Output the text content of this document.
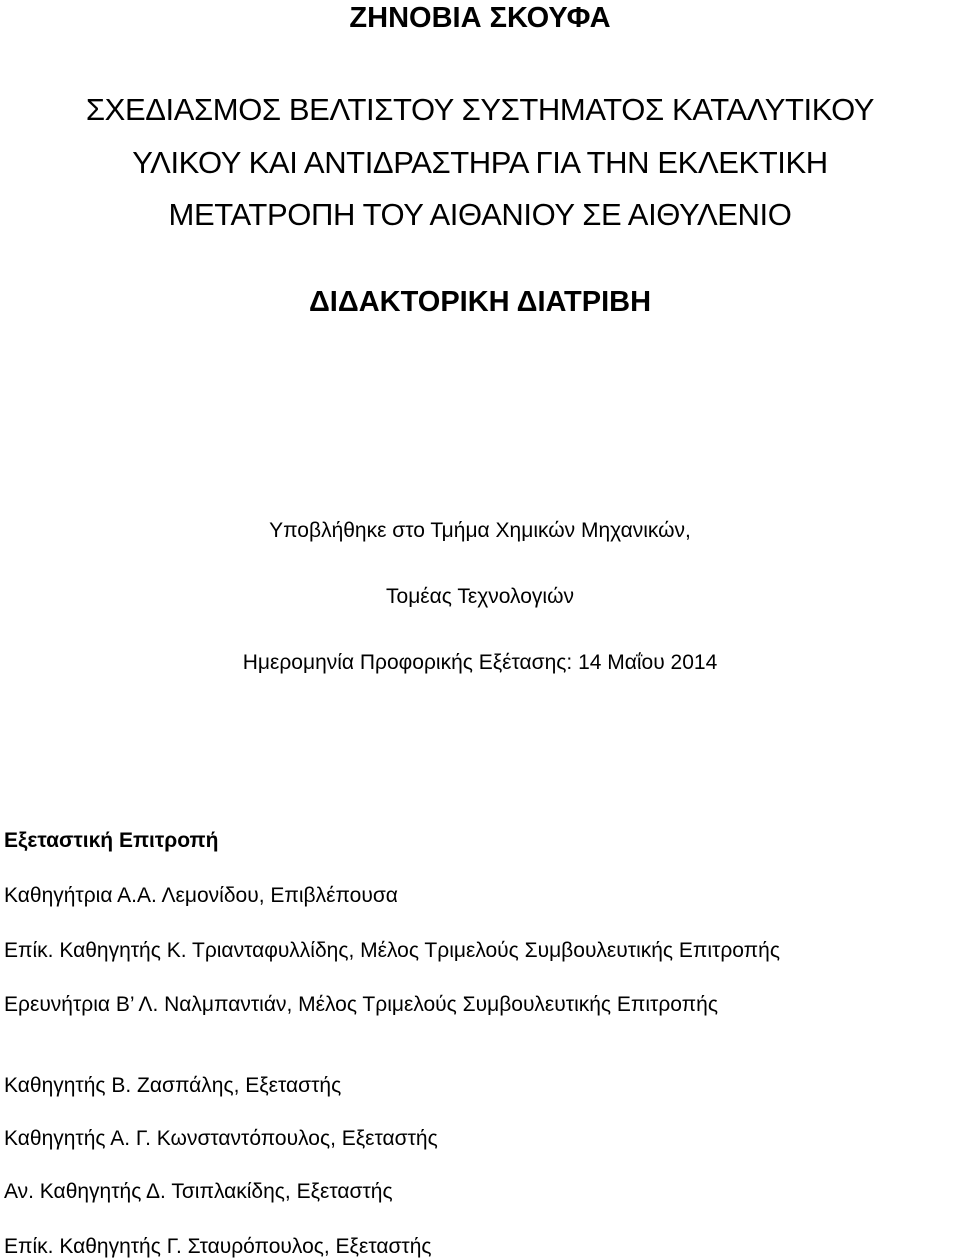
ΖΗΝΟΒΙΑ ΣΚΟΥΦΑ
ΣΧΕΔΙΑΣΜΟΣ ΒΕΛΤΙΣΤΟΥ ΣΥΣΤΗΜΑΤΟΣ ΚΑΤΑΛΥΤΙΚΟΥ
ΥΛΙΚΟΥ ΚΑΙ ΑΝΤΙΔΡΑΣΤΗΡΑ ΓΙΑ ΤΗΝ ΕΚΛΕΚΤΙΚΗ
ΜΕΤΑΤΡΟΠΗ ΤΟΥ ΑΙΘΑΝΙΟΥ ΣΕ ΑΙΘΥΛΕΝΙΟ
ΔΙΔΑΚΤΟΡΙΚΗ ΔΙΑΤΡΙΒΗ
Υποβλήθηκε στο Τμήμα Χημικών Μηχανικών,
Τομέας Τεχνολογιών
Ημερομηνία Προφορικής Εξέτασης: 14 Μαΐου 2014
Εξεταστική Επιτροπή
Καθηγήτρια Α.Α. Λεμονίδου, Επιβλέπουσα
Επίκ. Καθηγητής Κ. Τριανταφυλλίδης, Μέλος Τριμελούς Συμβουλευτικής Επιτροπής
Ερευνήτρια Β’ Λ. Ναλμπαντιάν, Μέλος Τριμελούς Συμβουλευτικής Επιτροπής
Καθηγητής Β. Ζασπάλης, Εξεταστής
Καθηγητής Α. Γ. Κωνσταντόπουλος, Εξεταστής
Αν. Καθηγητής Δ. Τσιπλακίδης, Εξεταστής
Επίκ. Καθηγητής Γ. Σταυρόπουλος, Εξεταστής
